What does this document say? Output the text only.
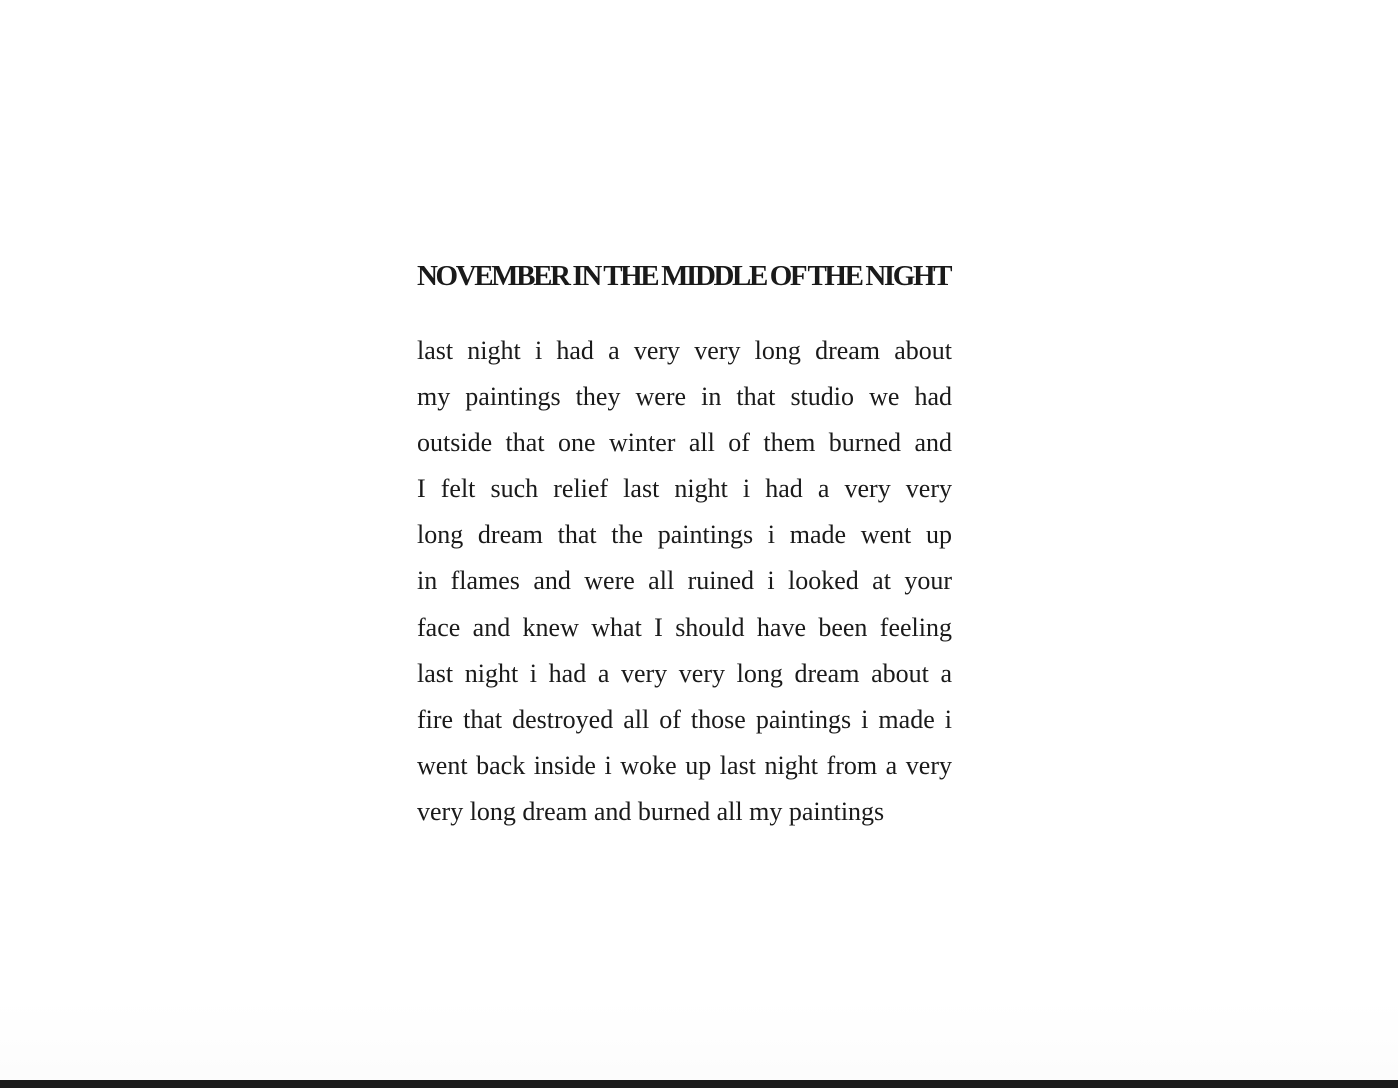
NOVEMBER IN THE MIDDLE OF THE NIGHT
last night i had a very very long dream about
my paintings they were in that studio we had
outside that one winter all of them burned and
I felt such relief last night i had a very very
long dream that the paintings i made went up
in flames and were all ruined i looked at your
face and knew what I should have been feeling
last night i had a very very long dream about a
fire that destroyed all of those paintings i made i
went back inside i woke up last night from a very
very long dream and burned all my paintings
